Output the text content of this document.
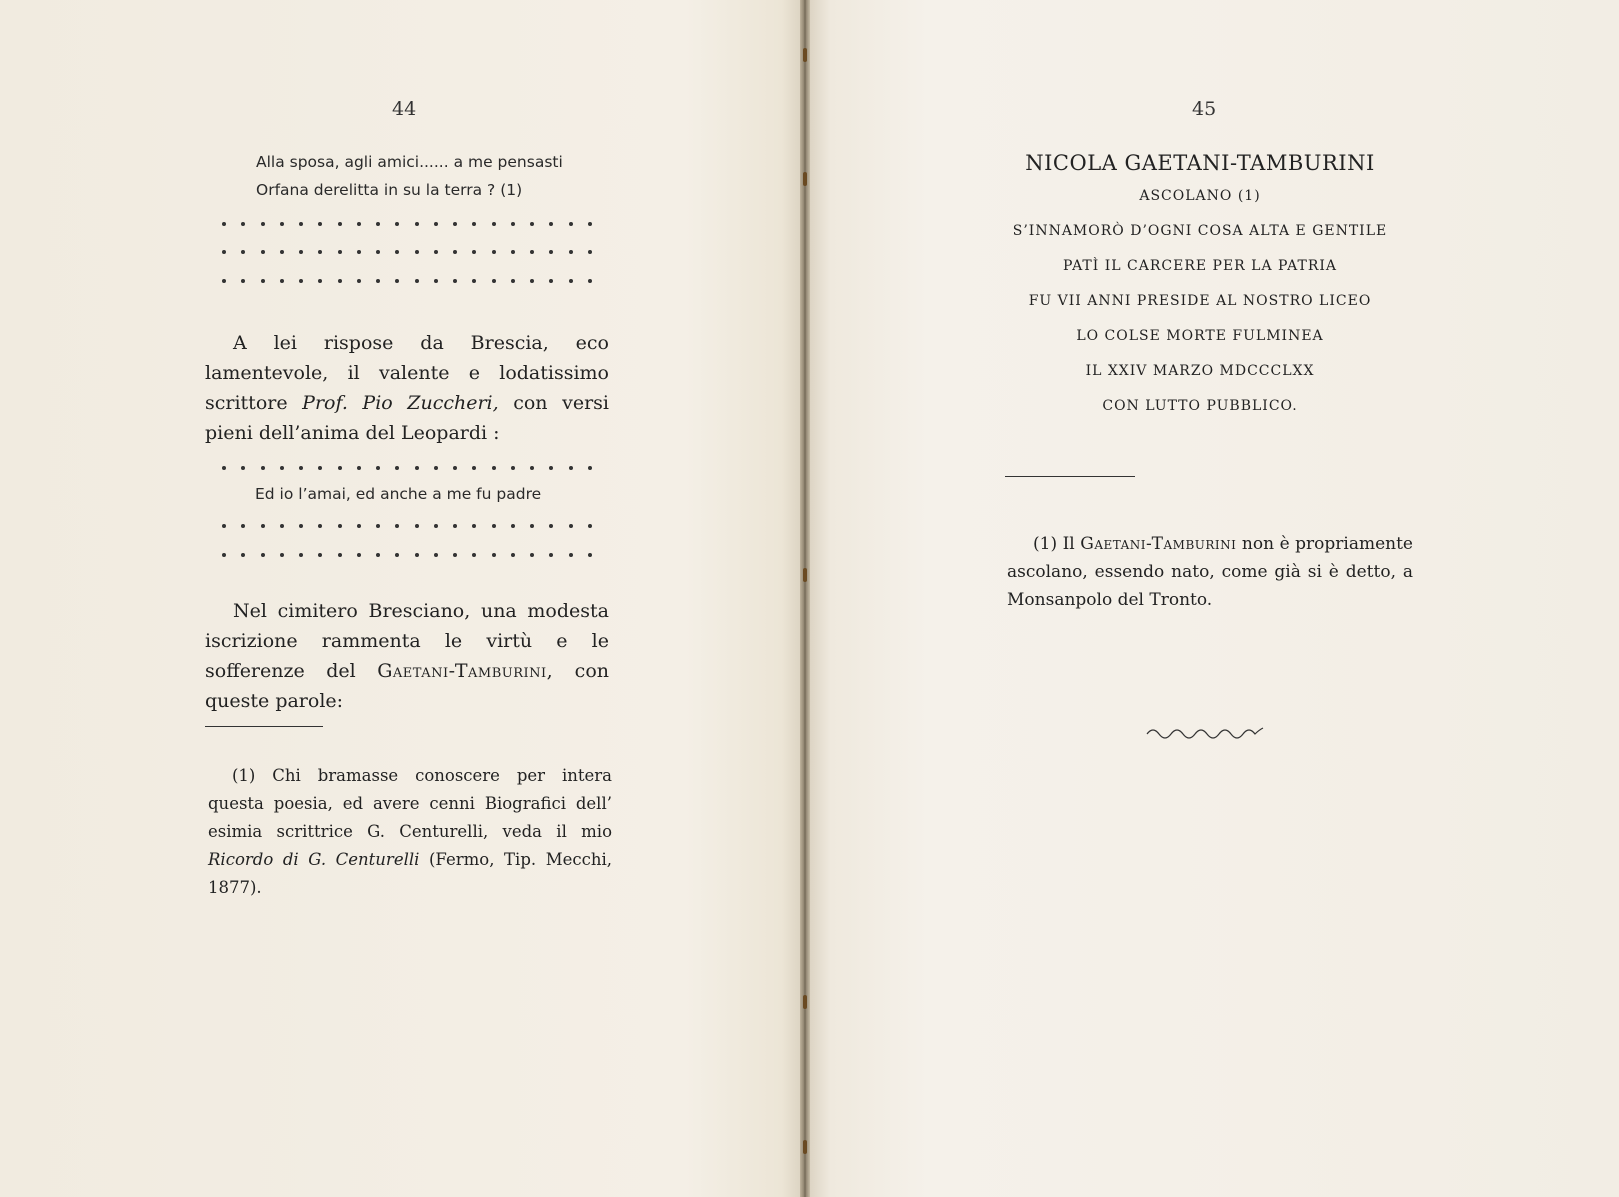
44
Alla sposa, agli amici...... a me pensasti
Orfana derelitta in su la terra ? (1)

A lei rispose da Brescia, eco lamentevole, il valente e lodatissimo scrittore Prof. Pio Zuccheri, con versi pieni dell’anima del Leopardi :

Ed io l’amai, ed anche a me fu padre

Nel cimitero Bresciano, una modesta iscrizione rammenta le virtù e le sofferenze del Gaetani-Tamburini, con queste parole:

(1) Chi bramasse conoscere per intera questa poesia, ed avere cenni Biografici dell’ esimia scrittrice G. Centurelli, veda il mio Ricordo di G. Centurelli (Fermo, Tip. Mecchi, 1877).

45
NICOLA GAETANI-TAMBURINI
ASCOLANO (1)
S’INNAMORÒ D’OGNI COSA ALTA E GENTILE
PATÌ IL CARCERE PER LA PATRIA
FU VII ANNI PRESIDE AL NOSTRO LICEO
LO COLSE MORTE FULMINEA
IL XXIV MARZO MDCCCLXX
CON LUTTO PUBBLICO.

(1) Il Gaetani-Tamburini non è propriamente ascolano, essendo nato, come già si è detto, a Monsanpolo del Tronto.
